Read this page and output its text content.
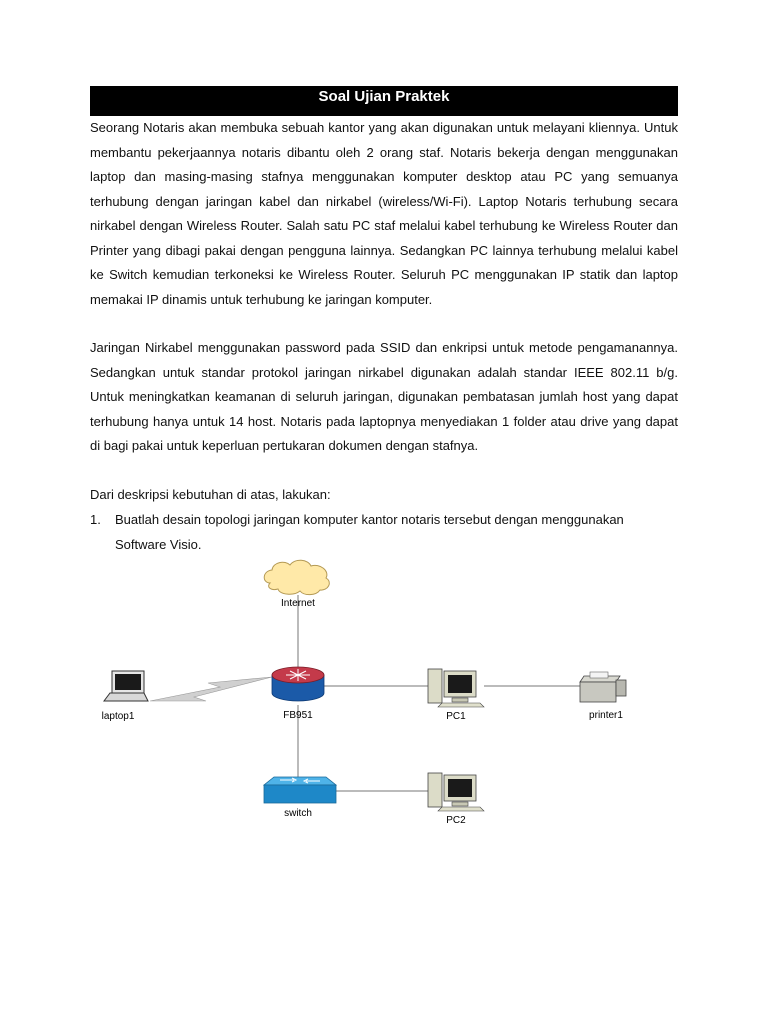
Soal Ujian Praktek

Seorang Notaris akan membuka sebuah kantor yang akan digunakan untuk melayani kliennya. Untuk membantu pekerjaannya notaris dibantu oleh 2 orang staf. Notaris bekerja dengan menggunakan laptop dan masing-masing stafnya menggunakan komputer desktop atau PC yang semuanya terhubung dengan jaringan kabel dan nirkabel (wireless/Wi-Fi). Laptop Notaris terhubung secara nirkabel dengan Wireless Router. Salah satu PC staf melalui kabel terhubung ke Wireless Router dan Printer yang dibagi pakai dengan pengguna lainnya. Sedangkan PC lainnya terhubung melalui kabel ke Switch kemudian terkoneksi ke Wireless Router. Seluruh PC menggunakan IP statik dan laptop memakai IP dinamis untuk terhubung ke jaringan komputer.

Jaringan Nirkabel menggunakan password pada SSID dan enkripsi untuk metode pengamanannya. Sedangkan untuk standar protokol jaringan nirkabel digunakan adalah standar IEEE 802.11 b/g. Untuk meningkatkan keamanan di seluruh jaringan, digunakan pembatasan jumlah host yang dapat terhubung hanya untuk 14 host. Notaris pada laptopnya menyediakan 1 folder atau drive yang dapat di bagi pakai untuk keperluan pertukaran dokumen dengan stafnya.

Dari deskripsi kebutuhan di atas, lakukan:

1. Buatlah desain topologi jaringan komputer kantor notaris tersebut dengan menggunakan Software Visio.
Internet
FB951
laptop1	PC1	printer1
switch
PC2
